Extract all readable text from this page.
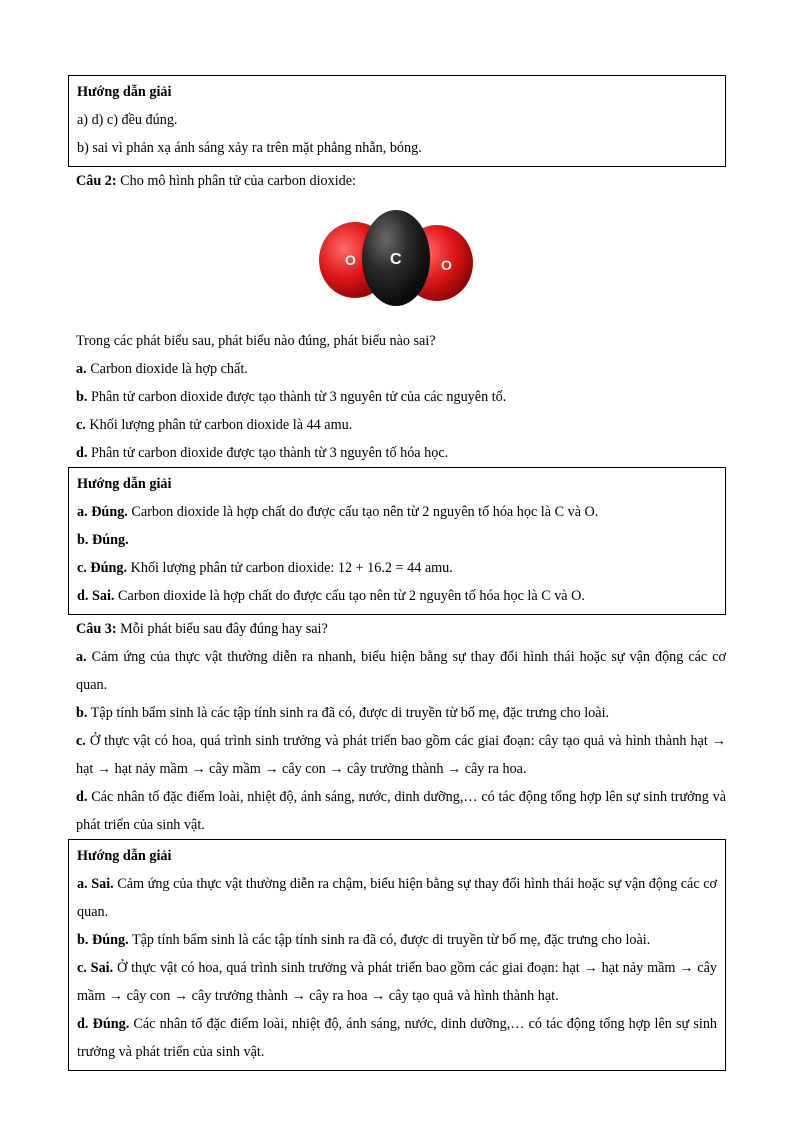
Hướng dẫn giải
a) d) c) đều đúng.
b) sai vì phản xạ ánh sáng xảy ra trên mặt phẳng nhẵn, bóng.
Câu 2: Cho mô hình phân tử của carbon dioxide:
O C	O
Trong các phát biểu sau, phát biểu nào đúng, phát biểu nào sai?
a. Carbon dioxide là hợp chất.
b. Phân tử carbon dioxide được tạo thành từ 3 nguyên tử của các nguyên tố.
c. Khối lượng phân tử carbon dioxide là 44 amu.
d. Phân tử carbon dioxide được tạo thành từ 3 nguyên tố hóa học.
Hướng dẫn giải
a. Đúng. Carbon dioxide là hợp chất do được cấu tạo nên từ 2 nguyên tố hóa học là C và O.
b. Đúng.
c. Đúng. Khối lượng phân tử carbon dioxide: 12 + 16.2 = 44 amu.
d. Sai. Carbon dioxide là hợp chất do được cấu tạo nên từ 2 nguyên tố hóa học là C và O.
Câu 3: Mỗi phát biểu sau đây đúng hay sai?
a. Cảm ứng của thực vật thường diễn ra nhanh, biểu hiện bằng sự thay đổi hình thái hoặc sự vận động các cơ quan.
b. Tập tính bẩm sinh là các tập tính sinh ra đã có, được di truyền từ bố mẹ, đặc trưng cho loài.
c. Ở thực vật có hoa, quá trình sinh trưởng và phát triển bao gồm các giai đoạn: cây tạo quả và hình thành hạt → hạt → hạt nảy mầm → cây mầm → cây con → cây trưởng thành → cây ra hoa.
d. Các nhân tố đặc điểm loài, nhiệt độ, ánh sáng, nước, dinh dưỡng,… có tác động tổng hợp lên sự sinh trưởng và phát triển của sinh vật.
Hướng dẫn giải
a. Sai. Cảm ứng của thực vật thường diễn ra chậm, biểu hiện bằng sự thay đổi hình thái hoặc sự vận động các cơ quan.
b. Đúng. Tập tính bẩm sinh là các tập tính sinh ra đã có, được di truyền từ bố mẹ, đặc trưng cho loài.
c. Sai. Ở thực vật có hoa, quá trình sinh trưởng và phát triển bao gồm các giai đoạn: hạt → hạt nảy mầm → cây mầm → cây con → cây trưởng thành → cây ra hoa → cây tạo quả và hình thành hạt.
d. Đúng. Các nhân tố đặc điểm loài, nhiệt độ, ánh sáng, nước, dinh dưỡng,… có tác động tổng hợp lên sự sinh trưởng và phát triển của sinh vật.
